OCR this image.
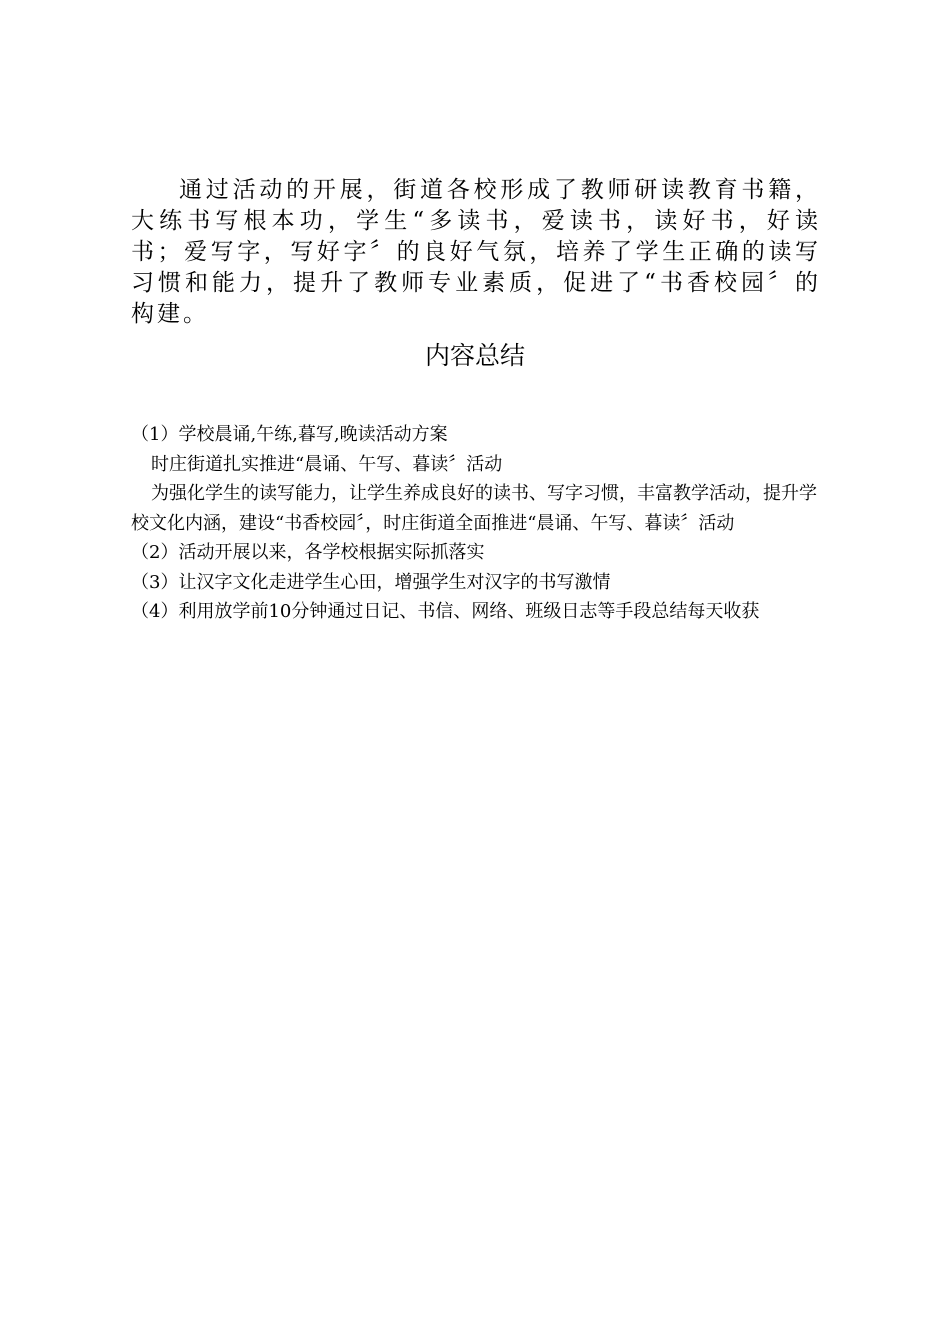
通过活动的开展，街道各校形成了教师研读教育书籍，大练书写根本功，学生“多读书，爱读书，读好书，好读书；爱写字，写好字〞的良好气氛，培养了学生正确的读写习惯和能力，提升了教师专业素质，促进了“书香校园〞的构建。

内容总结

（1）学校晨诵,午练,暮写,晚读活动方案

时庄街道扎实推进“晨诵、午写、暮读〞活动

为强化学生的读写能力，让学生养成良好的读书、写字习惯，丰富教学活动，提升学校文化内涵，建设“书香校园〞，时庄街道全面推进“晨诵、午写、暮读〞活动

（2）活动开展以来，各学校根据实际抓落实

（3）让汉字文化走进学生心田，增强学生对汉字的书写激情

（4）利用放学前10分钟通过日记、书信、网络、班级日志等手段总结每天收获
